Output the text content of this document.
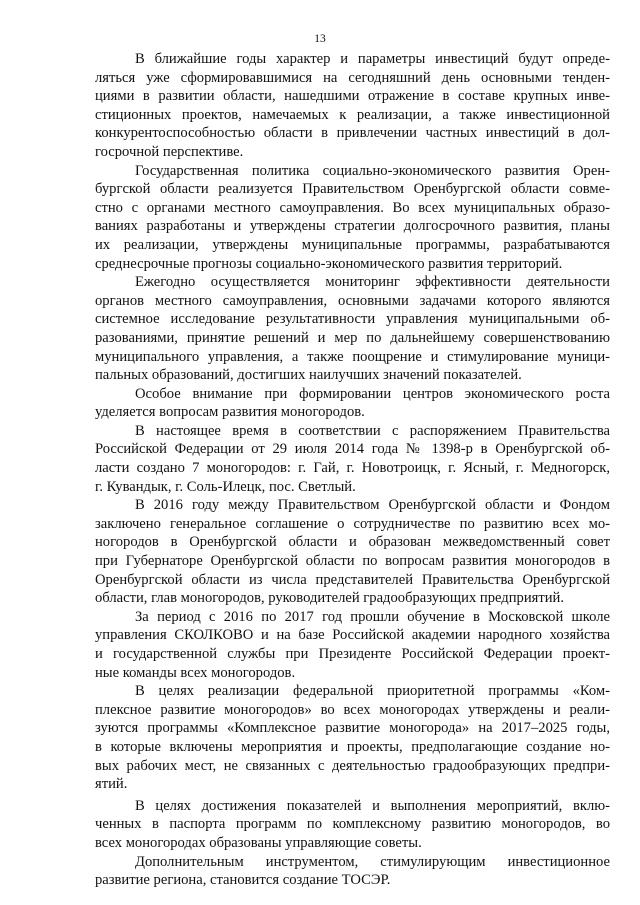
13
В ближайшие годы характер и параметры инвестиций будут опреде-
ляться уже сформировавшимися на сегодняшний день основными тенден-
циями в развитии области, нашедшими отражение в составе крупных инве-
стиционных проектов, намечаемых к реализации, а также инвестиционной
конкурентоспособностью области в привлечении частных инвестиций в дол-
госрочной перспективе.
Государственная политика социально-экономического развития Орен-
бургской области реализуется Правительством Оренбургской области совме-
стно с органами местного самоуправления. Во всех муниципальных образо-
ваниях разработаны и утверждены стратегии долгосрочного развития, планы
их реализации, утверждены муниципальные программы, разрабатываются
среднесрочные прогнозы социально-экономического развития территорий.
Ежегодно осуществляется мониторинг эффективности деятельности
органов местного самоуправления, основными задачами которого являются
системное исследование результативности управления муниципальными об-
разованиями, принятие решений и мер по дальнейшему совершенствованию
муниципального управления, а также поощрение и стимулирование муници-
пальных образований, достигших наилучших значений показателей.
Особое внимание при формировании центров экономического роста
уделяется вопросам развития моногородов.
В настоящее время в соответствии с распоряжением Правительства
Российской Федерации от 29 июля 2014 года № 1398-р в Оренбургской об-
ласти создано 7 моногородов: г. Гай, г. Новотроицк, г. Ясный, г. Медногорск,
г. Кувандык, г. Соль-Илецк, пос. Светлый.
В 2016 году между Правительством Оренбургской области и Фондом
заключено генеральное соглашение о сотрудничестве по развитию всех мо-
ногородов в Оренбургской области и образован межведомственный совет
при Губернаторе Оренбургской области по вопросам развития моногородов в
Оренбургской области из числа представителей Правительства Оренбургской
области, глав моногородов, руководителей градообразующих предприятий.
За период с 2016 по 2017 год прошли обучение в Московской школе
управления СКОЛКОВО и на базе Российской академии народного хозяйства
и государственной службы при Президенте Российской Федерации проект-
ные команды всех моногородов.
В целях реализации федеральной приоритетной программы «Ком-
плексное развитие моногородов» во всех моногородах утверждены и реали-
зуются программы «Комплексное развитие моногорода» на 2017–2025 годы,
в которые включены мероприятия и проекты, предполагающие создание но-
вых рабочих мест, не связанных с деятельностью градообразующих предпри-
ятий.
В целях достижения показателей и выполнения мероприятий, вклю-
ченных в паспорта программ по комплексному развитию моногородов, во
всех моногородах образованы управляющие советы.
Дополнительным инструментом, стимулирующим инвестиционное
развитие региона, становится создание ТОСЭР.
